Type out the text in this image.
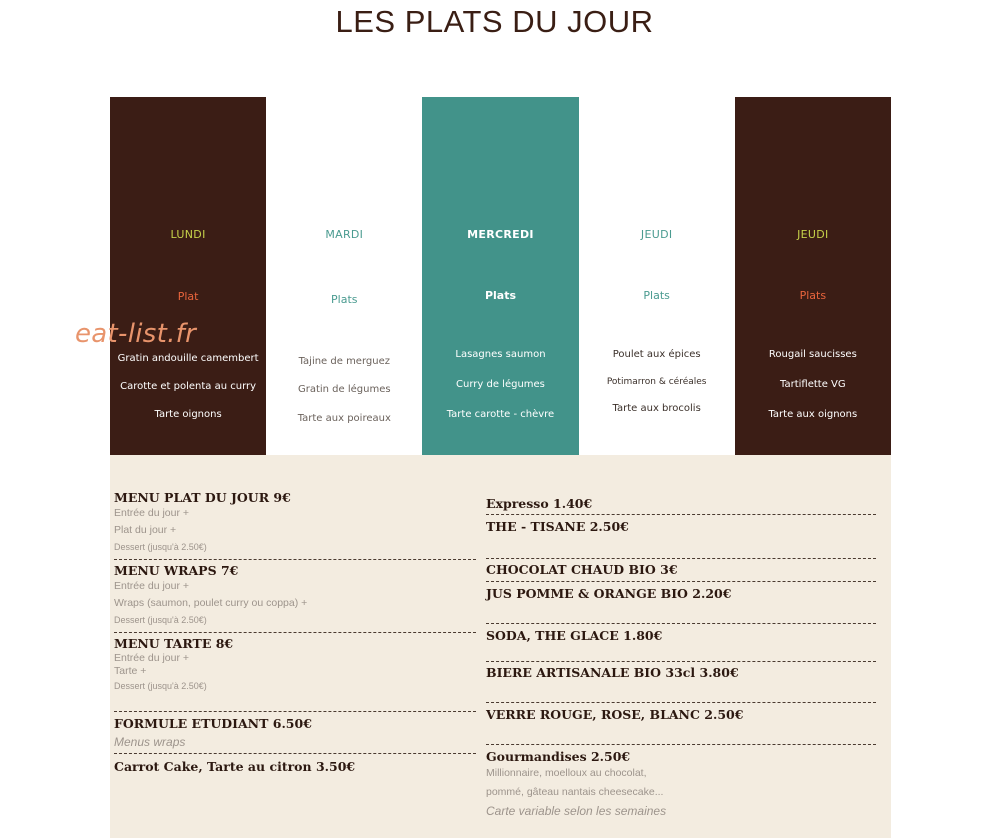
LES PLATS DU JOUR
LUNDI
Plat
Gratin andouille camembert
Carotte et polenta au curry
Tarte oignons
MARDI
Plats
Tajine de merguez
Gratin de légumes
Tarte aux poireaux
MERCREDI
Plats
Lasagnes saumon
Curry de légumes
Tarte carotte - chèvre
JEUDI
Plats
Poulet aux épices
Potimarron & céréales
Tarte aux brocolis
JEUDI
Plats
Rougail saucisses
Tartiflette VG
Tarte aux oignons
eat-list.fr
MENU PLAT DU JOUR 9€
Entrée du jour +
Plat du jour +
Dessert (jusqu'à 2.50€)
MENU WRAPS 7€
Entrée du jour +
Wraps (saumon, poulet curry ou coppa) +
Dessert (jusqu'à 2.50€)
MENU TARTE 8€
Entrée du jour +
Tarte +
Dessert (jusqu'à 2.50€)
FORMULE ETUDIANT 6.50€
Menus wraps
Carrot Cake, Tarte au citron 3.50€
Expresso 1.40€
THE - TISANE 2.50€
CHOCOLAT CHAUD BIO 3€
JUS POMME & ORANGE BIO 2.20€
SODA, THE GLACE 1.80€
BIERE ARTISANALE BIO 33cl 3.80€
VERRE ROUGE, ROSE, BLANC 2.50€
Gourmandises 2.50€
Millionnaire, moelloux au chocolat,
pommé, gâteau nantais cheesecake...
Carte variable selon les semaines
